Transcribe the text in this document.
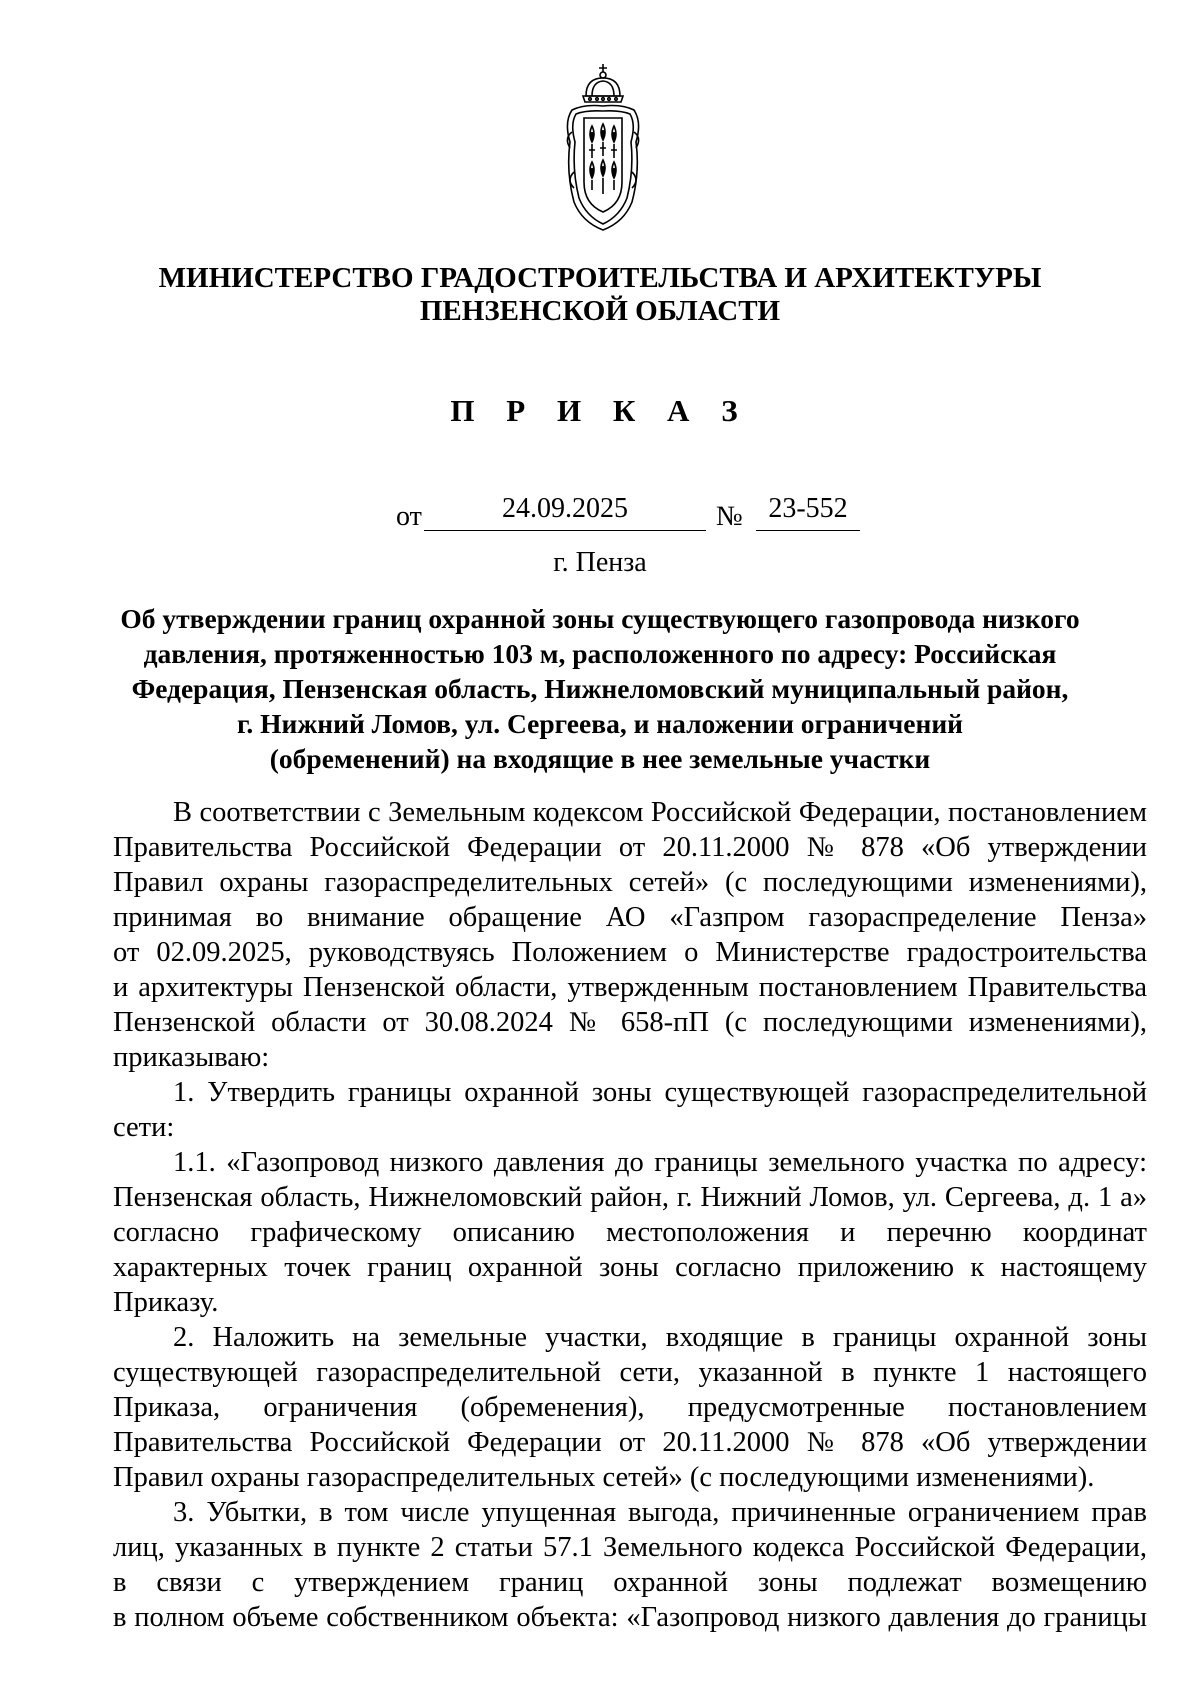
МИНИСТЕРСТВО ГРАДОСТРОИТЕЛЬСТВА И АРХИТЕКТУРЫ
ПЕНЗЕНСКОЙ ОБЛАСТИ
П Р И К А З
от	24.09.2025	№ 23-552
г. Пенза
Об утверждении границ охранной зоны существующего газопровода низкого
давления, протяженностью 103 м, расположенного по адресу: Российская
Федерация, Пензенская область, Нижнеломовский муниципальный район,
г. Нижний Ломов, ул. Сергеева, и наложении ограничений
(обременений) на входящие в нее земельные участки
В соответствии с Земельным кодексом Российской Федерации, постановлением
Правительства Российской Федерации от 20.11.2000 № 878 «Об утверждении
Правил охраны газораспределительных сетей» (с последующими изменениями),
принимая во внимание обращение АО «Газпром газораспределение Пенза»
от 02.09.2025, руководствуясь Положением о Министерстве градостроительства
и архитектуры Пензенской области, утвержденным постановлением Правительства
Пензенской области от 30.08.2024 № 658-пП (с последующими изменениями),
приказываю:
1. Утвердить границы охранной зоны существующей газораспределительной
сети:
1.1. «Газопровод низкого давления до границы земельного участка по адресу:
Пензенская область, Нижнеломовский район, г. Нижний Ломов, ул. Сергеева, д. 1 а»
согласно графическому описанию местоположения и перечню координат
характерных точек границ охранной зоны согласно приложению к настоящему
Приказу.
2. Наложить на земельные участки, входящие в границы охранной зоны
существующей газораспределительной сети, указанной в пункте 1 настоящего
Приказа, ограничения (обременения), предусмотренные постановлением
Правительства Российской Федерации от 20.11.2000 № 878 «Об утверждении
Правил охраны газораспределительных сетей» (с последующими изменениями).
3. Убытки, в том числе упущенная выгода, причиненные ограничением прав
лиц, указанных в пункте 2 статьи 57.1 Земельного кодекса Российской Федерации,
в связи с утверждением границ охранной зоны подлежат возмещению
в полном объеме собственником объекта: «Газопровод низкого давления до границы
